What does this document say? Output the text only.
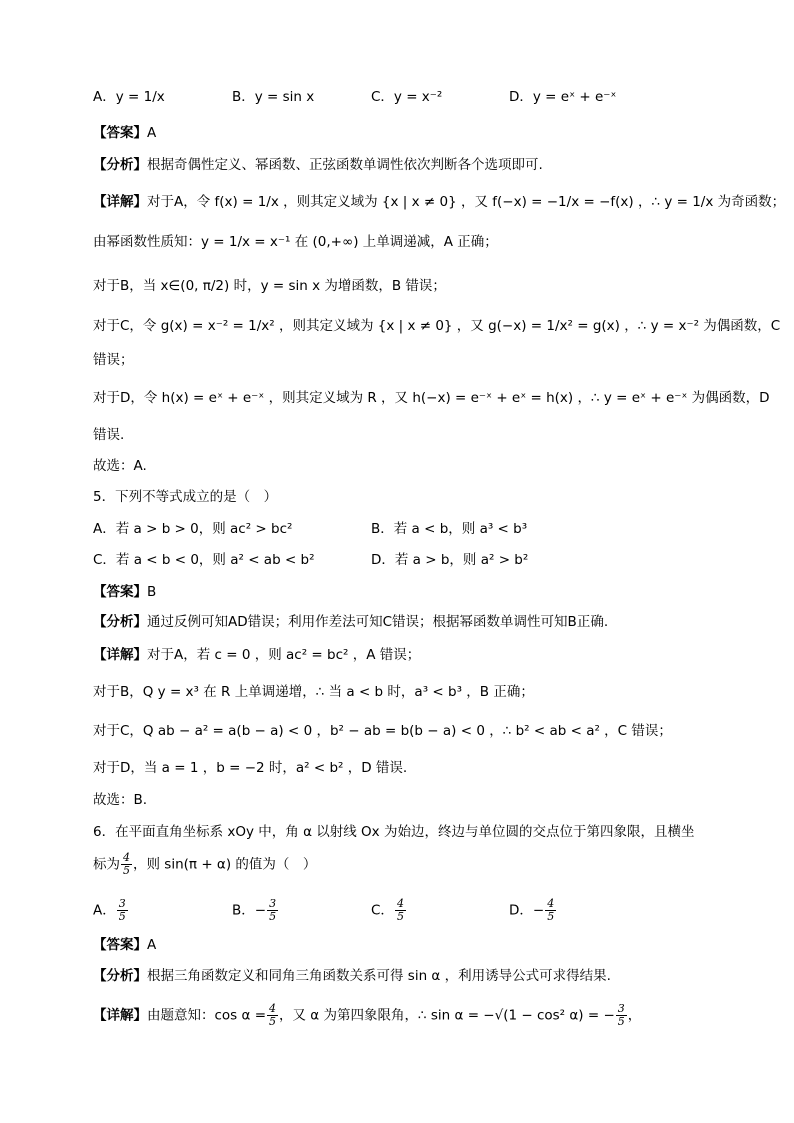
A．y = 1/x	B．y = sin x	C．y = x⁻²	D．y = eˣ + e⁻ˣ
【答案】A
【分析】根据奇偶性定义、幂函数、正弦函数单调性依次判断各个选项即可.
【详解】对于A，令 f(x) = 1/x ，则其定义域为 {x | x ≠ 0} ，又 f(−x) = −1/x = −f(x) ，∴ y = 1/x 为奇函数；
由幂函数性质知：y = 1/x = x⁻¹ 在 (0,+∞) 上单调递减，A 正确；
对于B，当 x∈(0, π/2) 时，y = sin x 为增函数，B 错误；
对于C，令 g(x) = x⁻² = 1/x² ，则其定义域为 {x | x ≠ 0} ，又 g(−x) = 1/x² = g(x) ，∴ y = x⁻² 为偶函数，C
错误；
对于D，令 h(x) = eˣ + e⁻ˣ ，则其定义域为 R ，又 h(−x) = e⁻ˣ + eˣ = h(x) ，∴ y = eˣ + e⁻ˣ 为偶函数，D
错误.
故选：A.
5．下列不等式成立的是（　）
A．若 a > b > 0，则 ac² > bc²	B．若 a < b，则 a³ < b³
C．若 a < b < 0，则 a² < ab < b²	D．若 a > b，则 a² > b²
【答案】B
【分析】通过反例可知AD错误；利用作差法可知C错误；根据幂函数单调性可知B正确.
【详解】对于A，若 c = 0 ，则 ac² = bc² ，A 错误；
对于B，Q y = x³ 在 R 上单调递增，∴ 当 a < b 时，a³ < b³ ，B 正确；
对于C，Q ab − a² = a(b − a) < 0 ，b² − ab = b(b − a) < 0 ，∴ b² < ab < a² ，C 错误；
对于D，当 a = 1 ，b = −2 时，a² < b² ，D 错误.
故选：B.
6．在平面直角坐标系 xOy 中，角 α 以射线 Ox 为始边，终边与单位圆的交点位于第四象限，且横坐
标为 $\frac{4}{5}$ ，则 sin(π + α) 的值为（　）
A． $\frac{3}{5}$	B．− $\frac{3}{5}$	C． $\frac{4}{5}$	D．− $\frac{4}{5}$
【答案】A
【分析】根据三角函数定义和同角三角函数关系可得 sin α ，利用诱导公式可求得结果.
【详解】由题意知：$\cos \alpha = \frac{4}{5}$ ，又 α 为第四象限角，∴ sin α = −√(1 − cos² α) = − $\frac{3}{5}$ ，
